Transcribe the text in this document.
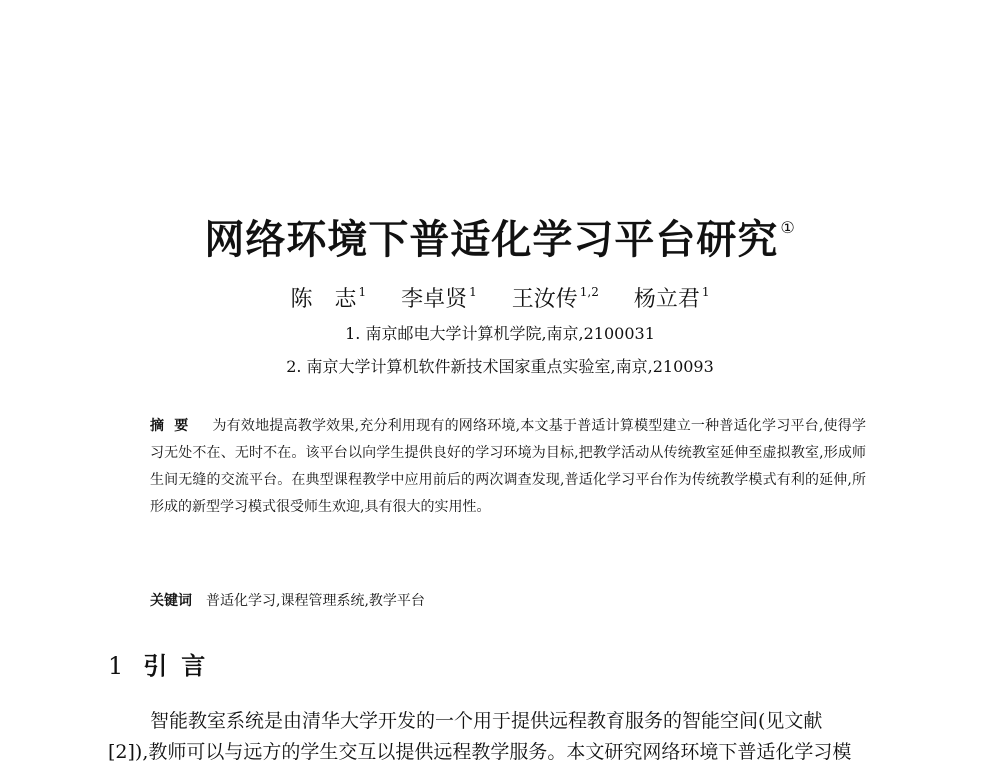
网络环境下普适化学习平台研究 ①
陈　志 $^1$ 李卓贤 $^1$ 王汝传 $^{1,2}$ 杨立君 $^1$
1. 南京邮电大学计算机学院,南京,2100031
2. 南京大学计算机软件新技术国家重点实验室,南京,210093
摘要 为有效地提高教学效果,充分利用现有的网络环境,本文基于普适计算模型建立一种普适化学习平台,使得学习无处不在、无时不在。该平台以向学生提供良好的学习环境为目标,把教学活动从传统教室延伸至虚拟教室,形成师生间无缝的交流平台。在典型课程教学中应用前后的两次调查发现,普适化学习平台作为传统教学模式有利的延伸,所形成的新型学习模式很受师生欢迎,具有很大的实用性。
关键词 普适化学习,课程管理系统,教学平台
1 引言
智能教室系统是由清华大学开发的一个用于提供远程教育服务的智能空间(见文献
[2]),教师可以与远方的学生交互以提供远程教学服务。本文研究网络环境下普适化学习模
